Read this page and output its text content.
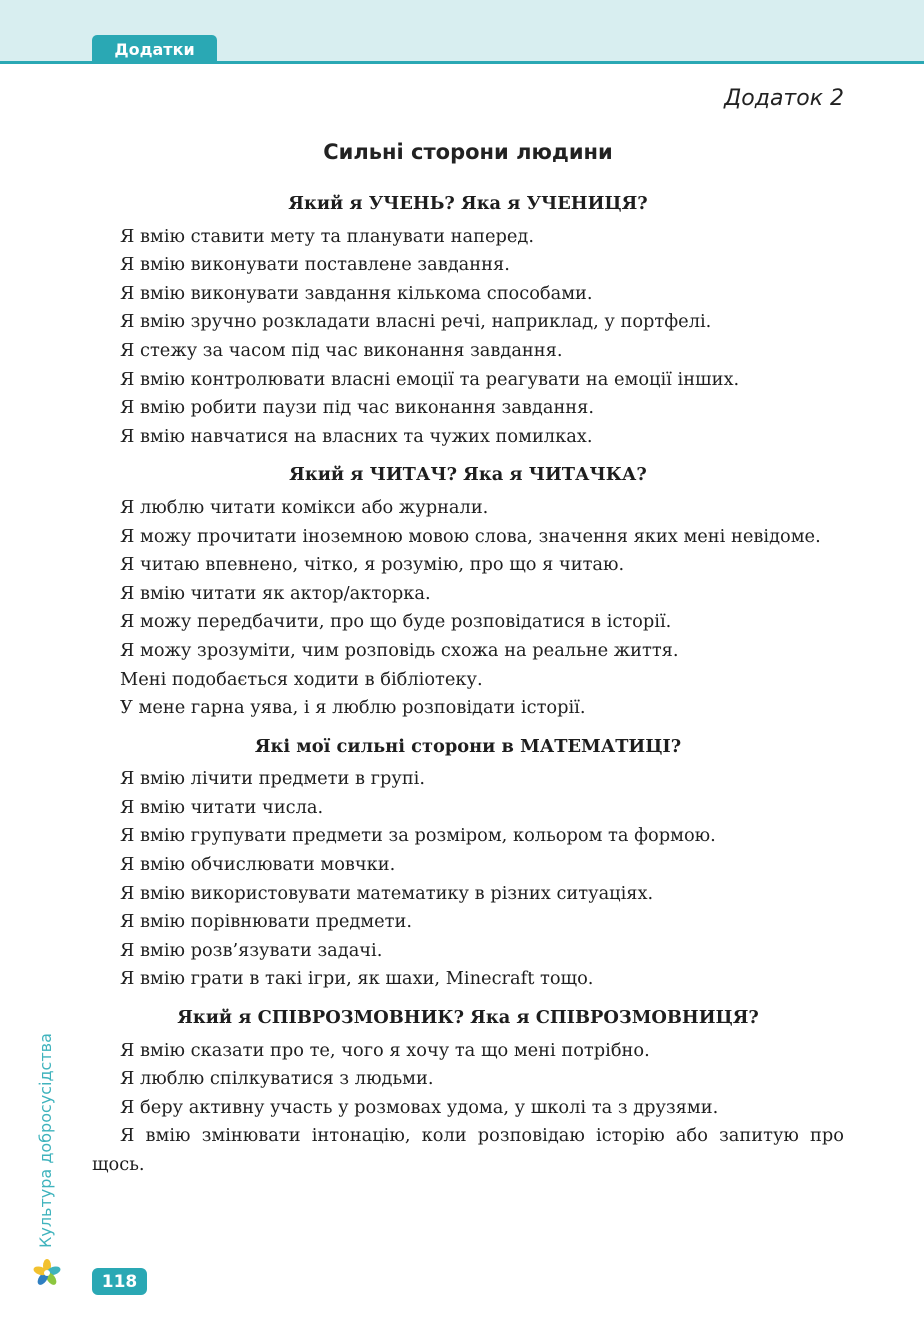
Додатки
Додаток 2
Сильні сторони людини

Який я УЧЕНЬ? Яка я УЧЕНИЦЯ?

Я вмію ставити мету та планувати наперед.

Я вмію виконувати поставлене завдання.

Я вмію виконувати завдання кількома способами.

Я вмію зручно розкладати власні речі, наприклад, у портфелі.

Я стежу за часом під час виконання завдання.

Я вмію контролювати власні емоції та реагувати на емоції інших.

Я вмію робити паузи під час виконання завдання.

Я вмію навчатися на власних та чужих помилках.

Який я ЧИТАЧ? Яка я ЧИТАЧКА?

Я люблю читати комікси або журнали.

Я можу прочитати іноземною мовою слова, значення яких мені невідоме.

Я читаю впевнено, чітко, я розумію, про що я читаю.

Я вмію читати як актор/акторка.

Я можу передбачити, про що буде розповідатися в історії.

Я можу зрозуміти, чим розповідь схожа на реальне життя.

Мені подобається ходити в бібліотеку.

У мене гарна уява, і я люблю розповідати історії.

Які мої сильні сторони в МАТЕМАТИЦІ?

Я вмію лічити предмети в групі.

Я вмію читати числа.

Я вмію групувати предмети за розміром, кольором та формою.

Я вмію обчислювати мовчки.

Я вмію використовувати математику в різних ситуаціях.

Я вмію порівнювати предмети.

Я вмію розв’язувати задачі.

Я вмію грати в такі ігри, як шахи, Minecraft тощо.

Який я СПІВРОЗМОВНИК? Яка я СПІВРОЗМОВНИЦЯ?

Я вмію сказати про те, чого я хочу та що мені потрібно.

Я люблю спілкуватися з людьми.

Я беру активну участь у розмовах удома, у школі та з друзями.

Я вмію змінювати інтонацію, коли розповідаю історію або запитую про щось.

Культура добросусідства
118
